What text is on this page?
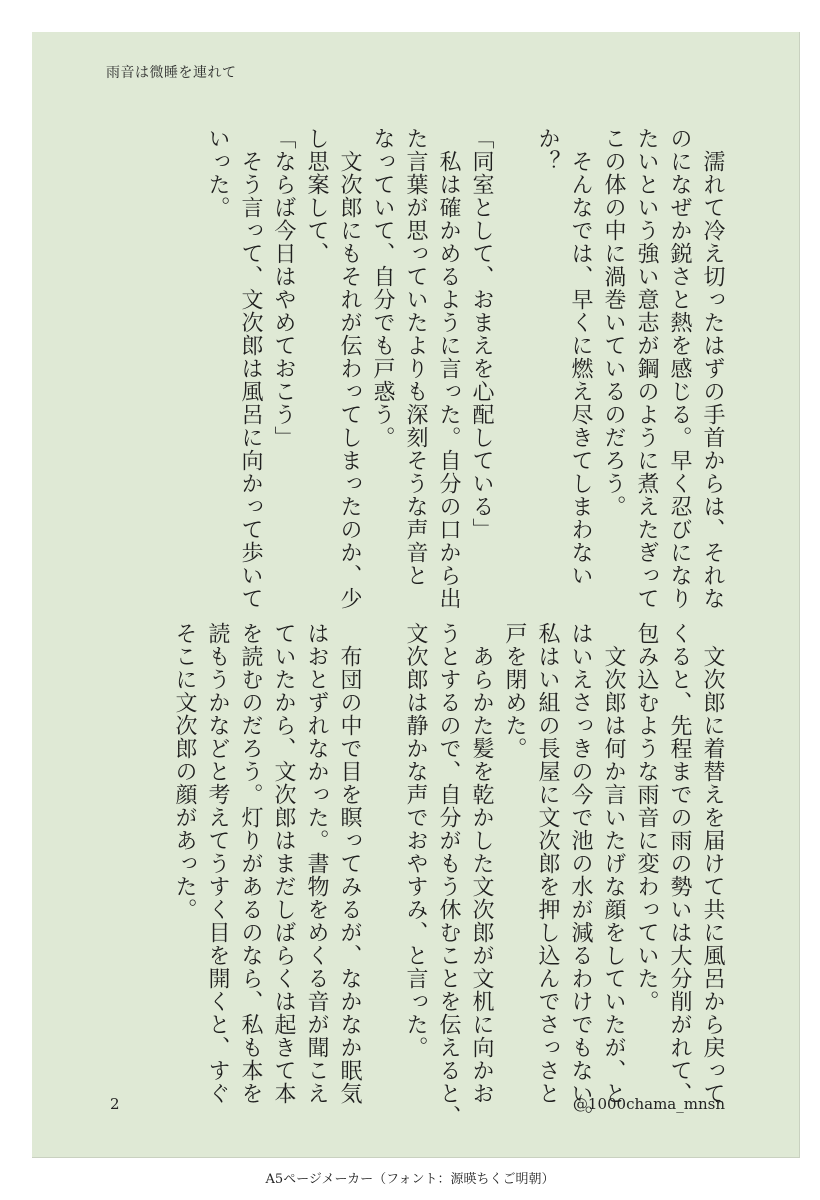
雨音は微睡を連れて
　濡れて冷え切ったはずの手首からは、それな
のになぜか鋭さと熱を感じる。早く忍びになり
たいという強い意志が鋼のように煮えたぎって
この体の中に渦巻いているのだろう。
　そんなでは、早くに燃え尽きてしまわない
か？
「同室として、おまえを心配している」
　私は確かめるように言った。自分の口から出
た言葉が思っていたよりも深刻そうな声音と
なっていて、自分でも戸惑う。
　文次郎にもそれが伝わってしまったのか、少
し思案して、
「ならば今日はやめておこう」
　そう言って、文次郎は風呂に向かって歩いて
いった。
　文次郎に着替えを届けて共に風呂から戻って
くると、先程までの雨の勢いは大分削がれて、
包み込むような雨音に変わっていた。
　文次郎は何か言いたげな顔をしていたが、と
はいえさっきの今で池の水が減るわけでもない。
私はい組の長屋に文次郎を押し込んでさっさと
戸を閉めた。
　あらかた髪を乾かした文次郎が文机に向かお
うとするので、自分がもう休むことを伝えると、
文次郎は静かな声でおやすみ、と言った。
　布団の中で目を瞑ってみるが、なかなか眠気
はおとずれなかった。書物をめくる音が聞こえ
ていたから、文次郎はまだしばらくは起きて本
を読むのだろう。灯りがあるのなら、私も本を
読もうかなどと考えてうすく目を開くと、すぐ
そこに文次郎の顔があった。
2	@1000chama_mnsn
A5ページメーカー（フォント：源暎ちくご明朝）
